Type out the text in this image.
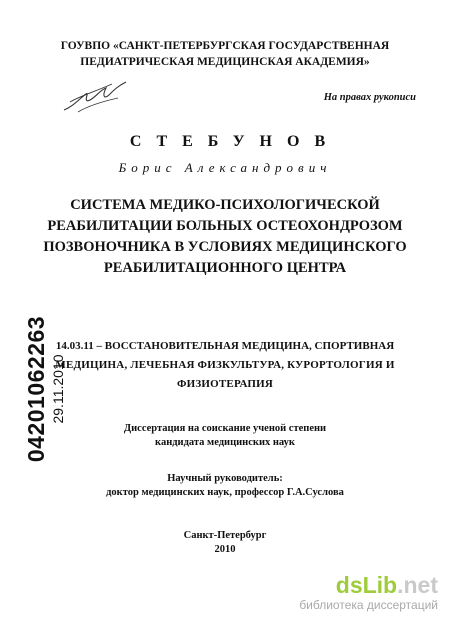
ГОУВПО «САНКТ-ПЕТЕРБУРГСКАЯ ГОСУДАРСТВЕННАЯ
ПЕДИАТРИЧЕСКАЯ МЕДИЦИНСКАЯ АКАДЕМИЯ»
На правах рукописи
СТЕБУНОВ
Борис Александрович
СИСТЕМА МЕДИКО-ПСИХОЛОГИЧЕСКОЙ
РЕАБИЛИТАЦИИ БОЛЬНЫХ ОСТЕОХОНДРОЗОМ
ПОЗВОНОЧНИКА В УСЛОВИЯХ МЕДИЦИНСКОГО
РЕАБИЛИТАЦИОННОГО ЦЕНТРА
14.03.11 – ВОССТАНОВИТЕЛЬНАЯ МЕДИЦИНА, СПОРТИВНАЯ
МЕДИЦИНА, ЛЕЧЕБНАЯ ФИЗКУЛЬТУРА, КУРОРТОЛОГИЯ И
ФИЗИОТЕРАПИЯ
Диссертация на соискание ученой степени
кандидата медицинских наук
Научный руководитель:
доктор медицинских наук, профессор Г.А.Суслова
Санкт-Петербург
2010
04201062263 29.11.2010
dsLib.net
библиотека диссертаций
